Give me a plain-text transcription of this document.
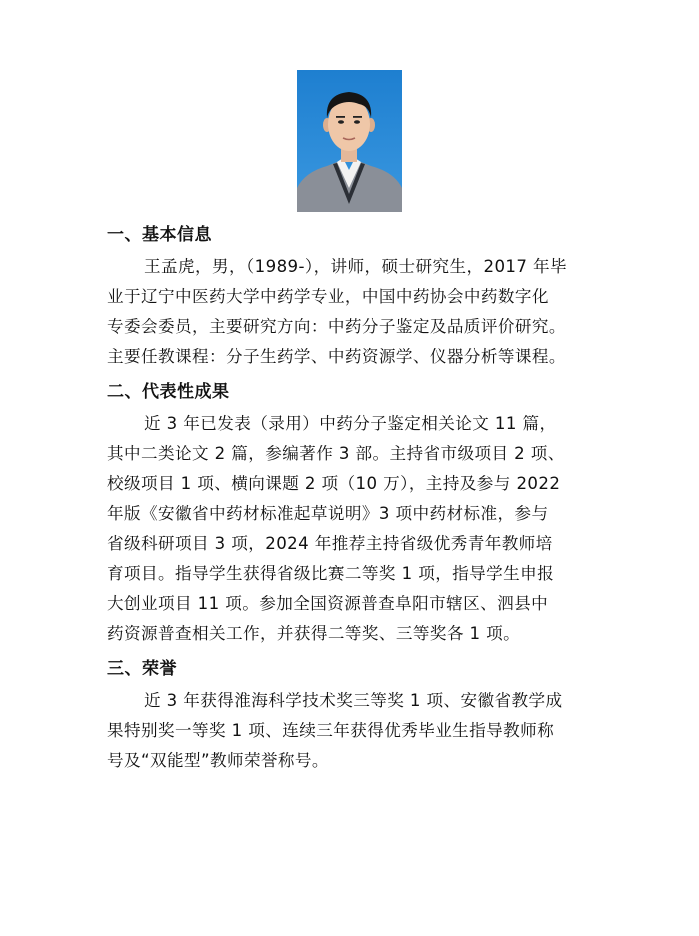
一、基本信息
王孟虎，男，（1989-），讲师，硕士研究生，2017 年毕
业于辽宁中医药大学中药学专业，中国中药协会中药数字化
专委会委员，主要研究方向：中药分子鉴定及品质评价研究。
主要任教课程：分子生药学、中药资源学、仪器分析等课程。
二、代表性成果
近 3 年已发表（录用）中药分子鉴定相关论文 11 篇，
其中二类论文 2 篇，参编著作 3 部。主持省市级项目 2 项、
校级项目 1 项、横向课题 2 项（10 万），主持及参与 2022
年版《安徽省中药材标准起草说明》3 项中药材标准，参与
省级科研项目 3 项，2024 年推荐主持省级优秀青年教师培
育项目。指导学生获得省级比赛二等奖 1 项，指导学生申报
大创业项目 11 项。参加全国资源普查阜阳市辖区、泗县中
药资源普查相关工作，并获得二等奖、三等奖各 1 项。
三、荣誉
近 3 年获得淮海科学技术奖三等奖 1 项、安徽省教学成
果特别奖一等奖 1 项、连续三年获得优秀毕业生指导教师称
号及“双能型”教师荣誉称号。
